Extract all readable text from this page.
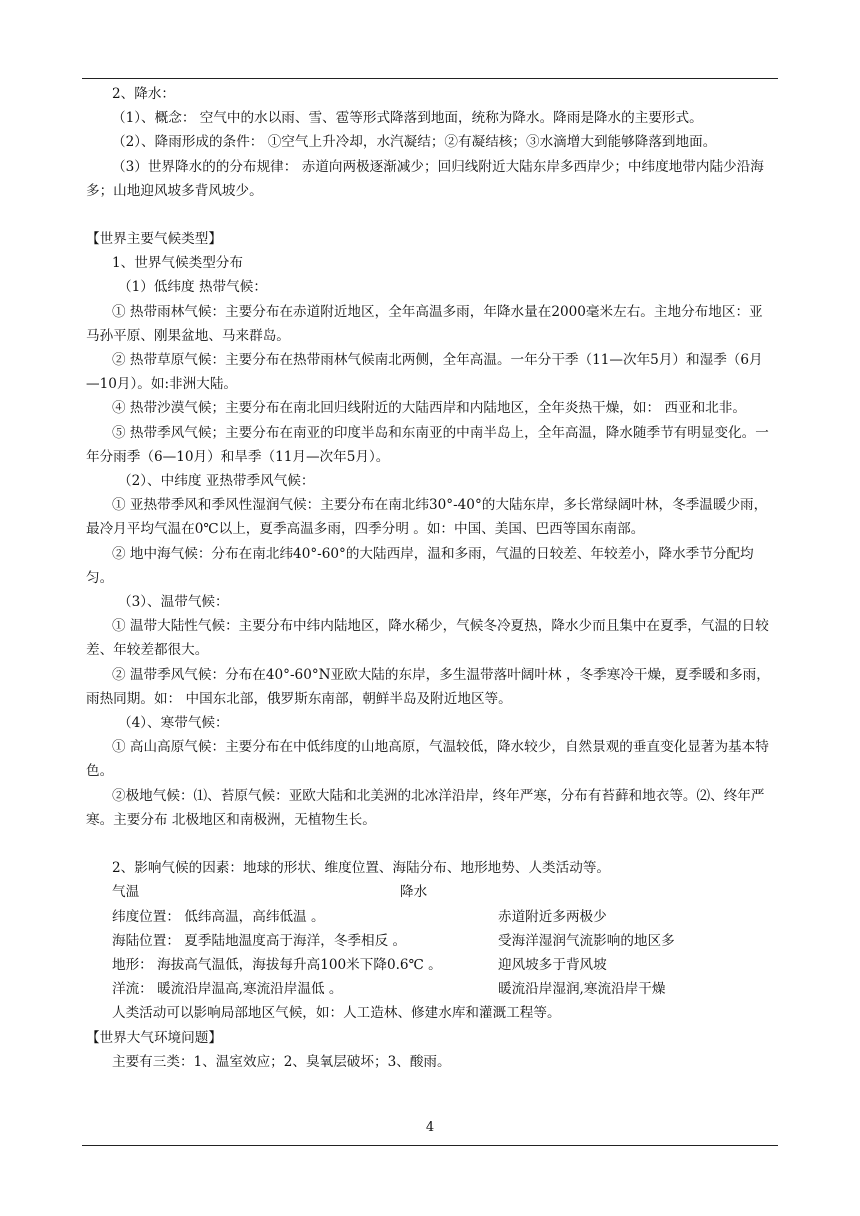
2、降水：

（1）、概念： 空气中的水以雨、雪、雹等形式降落到地面，统称为降水。降雨是降水的主要形式。

（2）、降雨形成的条件： ①空气上升冷却，水汽凝结；②有凝结核；③水滴增大到能够降落到地面。

（3）世界降水的的分布规律： 赤道向两极逐渐减少；回归线附近大陆东岸多西岸少；中纬度地带内陆少沿海多；山地迎风坡多背风坡少。

【世界主要气候类型】

1、世界气候类型分布

（1）低纬度 热带气候：

① 热带雨林气候：主要分布在赤道附近地区，全年高温多雨，年降水量在2000毫米左右。主地分布地区：亚马孙平原、刚果盆地、马来群岛。

② 热带草原气候：主要分布在热带雨林气候南北两侧，全年高温。一年分干季（11—次年5月）和湿季（6月—10月）。如:非洲大陆。

④ 热带沙漠气候；主要分布在南北回归线附近的大陆西岸和内陆地区，全年炎热干燥，如： 西亚和北非。

⑤ 热带季风气候；主要分布在南亚的印度半岛和东南亚的中南半岛上，全年高温，降水随季节有明显变化。一年分雨季（6—10月）和旱季（11月—次年5月）。

（2）、中纬度 亚热带季风气候：

① 亚热带季风和季风性湿润气候：主要分布在南北纬30°-40°的大陆东岸，多长常绿阔叶林，冬季温暖少雨，最冷月平均气温在0℃以上，夏季高温多雨，四季分明 。如：中国、美国、巴西等国东南部。

② 地中海气候：分布在南北纬40°-60°的大陆西岸，温和多雨，气温的日较差、年较差小，降水季节分配均匀。

（3）、温带气候：

① 温带大陆性气候：主要分布中纬内陆地区，降水稀少，气候冬冷夏热，降水少而且集中在夏季，气温的日较差、年较差都很大。

② 温带季风气候：分布在40°-60°N亚欧大陆的东岸，多生温带落叶阔叶林 ，冬季寒冷干燥，夏季暖和多雨，雨热同期。如： 中国东北部，俄罗斯东南部，朝鲜半岛及附近地区等。

（4）、寒带气候：

① 高山高原气候：主要分布在中低纬度的山地高原，气温较低，降水较少，自然景观的垂直变化显著为基本特色。

②极地气候：⑴、苔原气候：亚欧大陆和北美洲的北冰洋沿岸，终年严寒，分布有苔藓和地衣等。⑵、终年严寒。主要分布 北极地区和南极洲，无植物生长。

2、影响气候的因素：地球的形状、维度位置、海陆分布、地形地势、人类活动等。

气温	降水
纬度位置： 低纬高温，高纬低温 。	赤道附近多两极少
海陆位置： 夏季陆地温度高于海洋，冬季相反 。	受海洋湿润气流影响的地区多
地形： 海拔高气温低，海拔每升高100米下降0.6℃ 。	迎风坡多于背风坡
洋流： 暖流沿岸温高,寒流沿岸温低 。	暖流沿岸湿润,寒流沿岸干燥

人类活动可以影响局部地区气候，如：人工造林、修建水库和灌溉工程等。

【世界大气环境问题】

主要有三类：1、温室效应；2、臭氧层破坏；3、酸雨。

4
